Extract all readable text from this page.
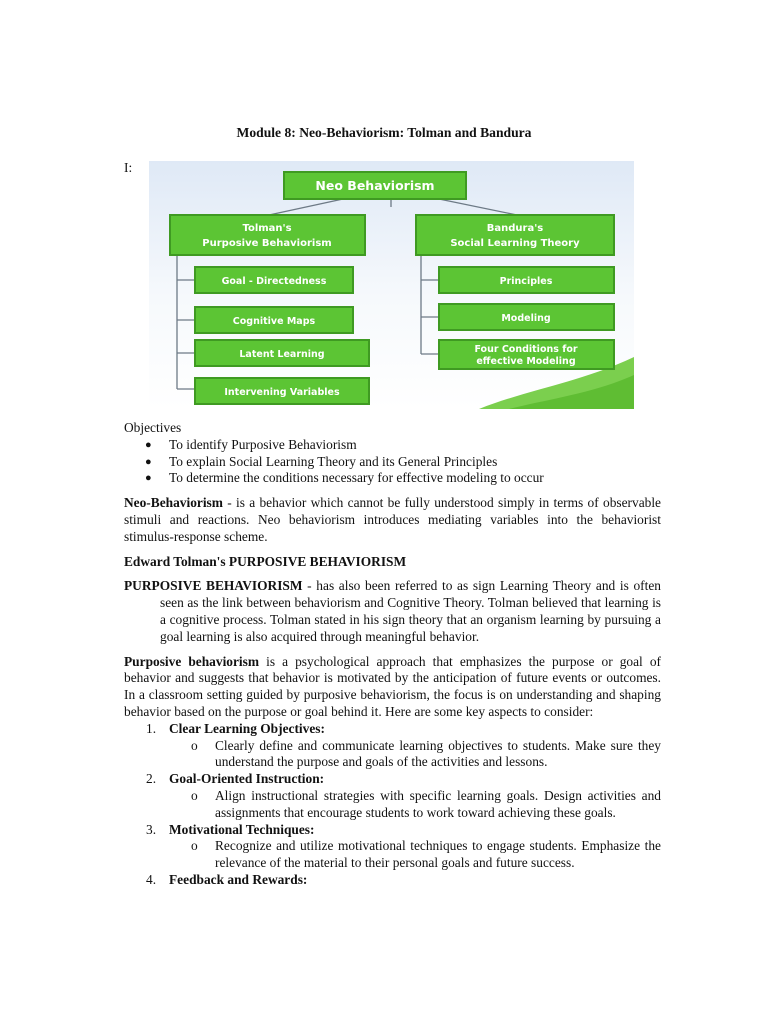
Module 8: Neo-Behaviorism: Tolman and Bandura
I:
Neo Behaviorism
Tolman's
Purposive Behaviorism
Bandura's
Social Learning Theory
Goal - Directedness
Cognitive Maps
Latent Learning
Intervening Variables
Principles
Modeling
Four Conditions for
effective Modeling

Objectives

● To identify Purposive Behaviorism
● To explain Social Learning Theory and its General Principles
● To determine the conditions necessary for effective modeling to occur

Neo-Behaviorism - is a behavior which cannot be fully understood simply in terms of observable stimuli and reactions. Neo behaviorism introduces mediating variables into the behaviorist stimulus-response scheme.

Edward Tolman's PURPOSIVE BEHAVIORISM

PURPOSIVE BEHAVIORISM - has also been referred to as sign Learning Theory and is often seen as the link between behaviorism and Cognitive Theory. Tolman believed that learning is a cognitive process. Tolman stated in his sign theory that an organism learning by pursuing a goal learning is also acquired through meaningful behavior.

Purposive behaviorism is a psychological approach that emphasizes the purpose or goal of behavior and suggests that behavior is motivated by the anticipation of future events or outcomes. In a classroom setting guided by purposive behaviorism, the focus is on understanding and shaping behavior based on the purpose or goal behind it. Here are some key aspects to consider:

1. Clear Learning Objectives:
o Clearly define and communicate learning objectives to students. Make sure they understand the purpose and goals of the activities and lessons.
2. Goal-Oriented Instruction:
o Align instructional strategies with specific learning goals. Design activities and assignments that encourage students to work toward achieving these goals.
3. Motivational Techniques:
o Recognize and utilize motivational techniques to engage students. Emphasize the relevance of the material to their personal goals and future success.
4. Feedback and Rewards:
